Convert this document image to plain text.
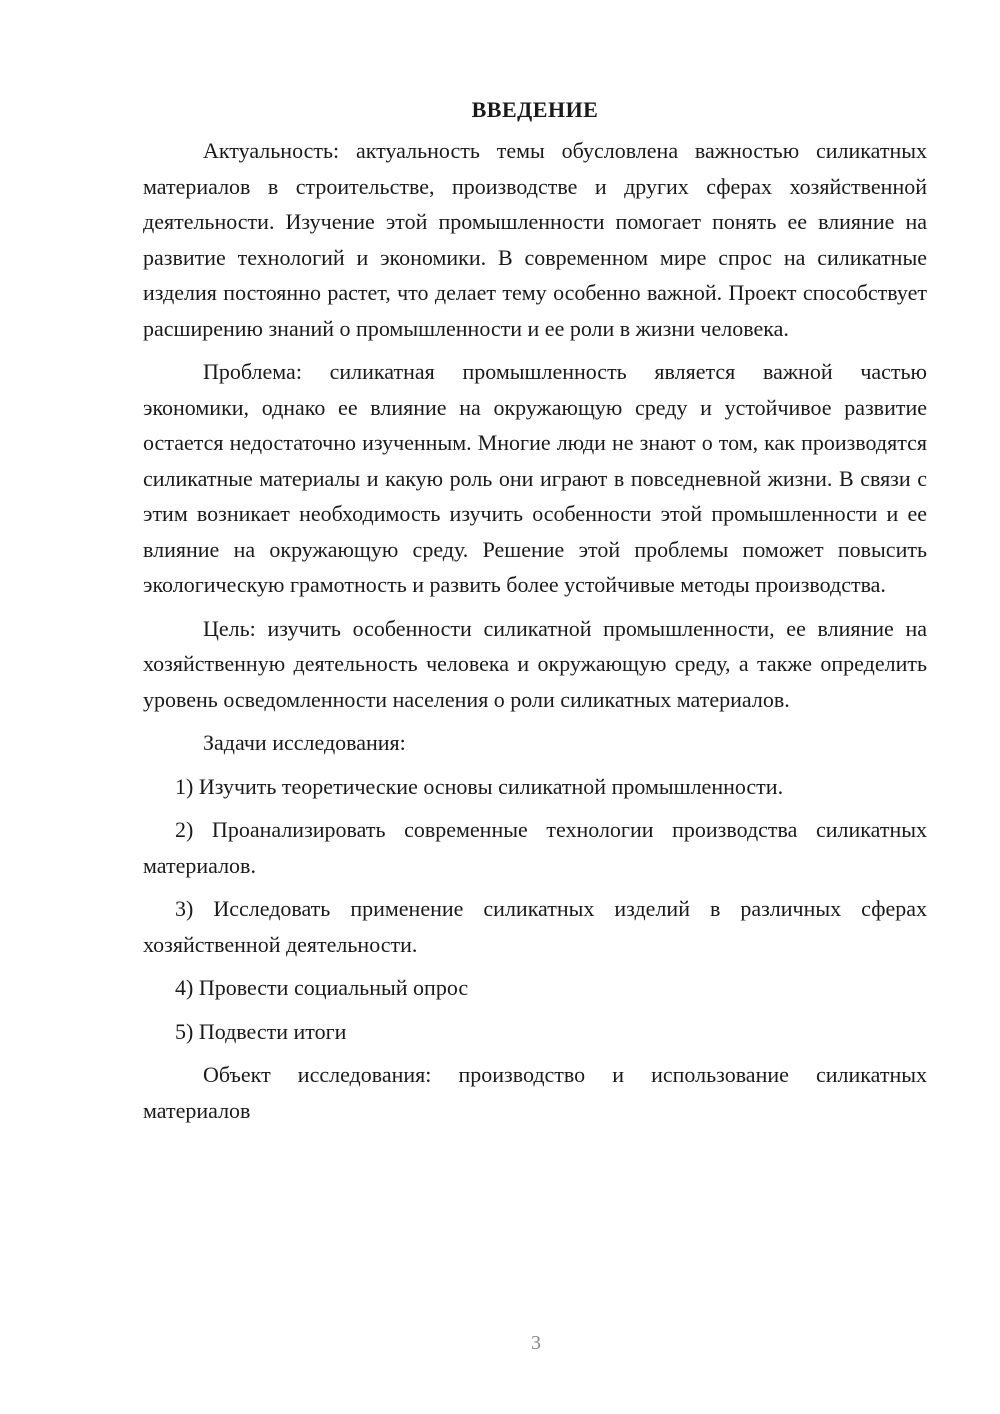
ВВЕДЕНИЕ

Актуальность: актуальность темы обусловлена важностью силикатных материалов в строительстве, производстве и других сферах хозяйственной деятельности. Изучение этой промышленности помогает понять ее влияние на развитие технологий и экономики. В современном мире спрос на силикатные изделия постоянно растет, что делает тему особенно важной. Проект способствует расширению знаний о промышленности и ее роли в жизни человека.

Проблема: силикатная промышленность является важной частью экономики, однако ее влияние на окружающую среду и устойчивое развитие остается недостаточно изученным. Многие люди не знают о том, как производятся силикатные материалы и какую роль они играют в повседневной жизни. В связи с этим возникает необходимость изучить особенности этой промышленности и ее влияние на окружающую среду. Решение этой проблемы поможет повысить экологическую грамотность и развить более устойчивые методы производства.

Цель: изучить особенности силикатной промышленности, ее влияние на хозяйственную деятельность человека и окружающую среду, а также определить уровень осведомленности населения о роли силикатных материалов.

Задачи исследования:

1) Изучить теоретические основы силикатной промышленности.

2) Проанализировать современные технологии производства силикатных материалов.

3) Исследовать применение силикатных изделий в различных сферах хозяйственной деятельности.

4) Провести социальный опрос

5) Подвести итоги

Объект исследования: производство и использование силикатных материалов

3
